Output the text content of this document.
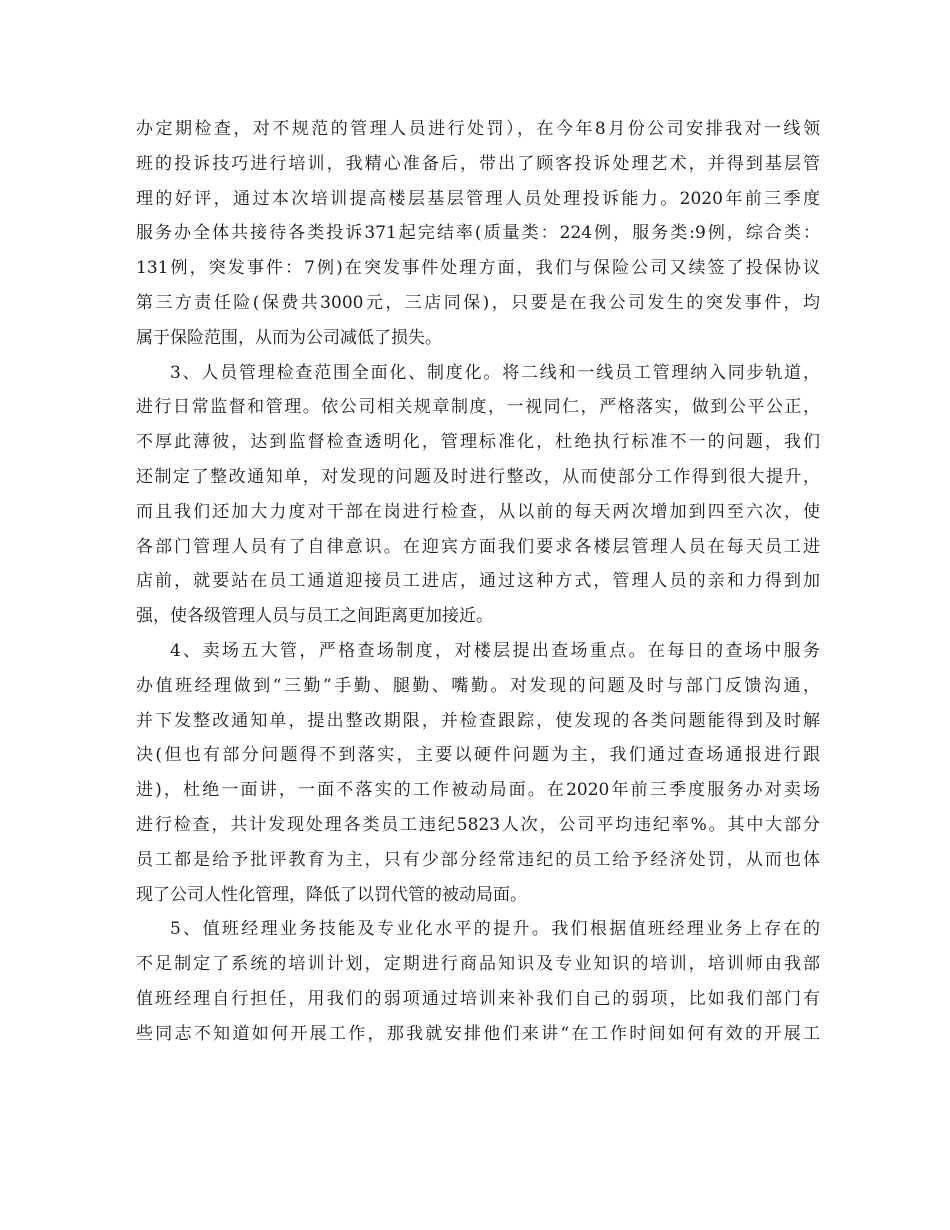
办定期检查，对不规范的管理人员进行处罚），在今年8月份公司安排我对一线领
班的投诉技巧进行培训，我精心准备后，带出了顾客投诉处理艺术，并得到基层管
理的好评，通过本次培训提高楼层基层管理人员处理投诉能力。2020年前三季度
服务办全体共接待各类投诉371起完结率(质量类：224例，服务类:9例，综合类：
131例，突发事件：7例)在突发事件处理方面，我们与保险公司又续签了投保协议
第三方责任险(保费共3000元，三店同保)，只要是在我公司发生的突发事件，均
属于保险范围，从而为公司减低了损失。
3、人员管理检查范围全面化、制度化。将二线和一线员工管理纳入同步轨道，
进行日常监督和管理。依公司相关规章制度，一视同仁，严格落实，做到公平公正，
不厚此薄彼，达到监督检查透明化，管理标准化，杜绝执行标准不一的问题，我们
还制定了整改通知单，对发现的问题及时进行整改，从而使部分工作得到很大提升，
而且我们还加大力度对干部在岗进行检查，从以前的每天两次增加到四至六次，使
各部门管理人员有了自律意识。在迎宾方面我们要求各楼层管理人员在每天员工进
店前，就要站在员工通道迎接员工进店，通过这种方式，管理人员的亲和力得到加
强，使各级管理人员与员工之间距离更加接近。
4、卖场五大管，严格查场制度，对楼层提出查场重点。在每日的查场中服务
办值班经理做到“三勤”手勤、腿勤、嘴勤。对发现的问题及时与部门反馈沟通，
并下发整改通知单，提出整改期限，并检查跟踪，使发现的各类问题能得到及时解
决(但也有部分问题得不到落实，主要以硬件问题为主，我们通过查场通报进行跟
进)，杜绝一面讲，一面不落实的工作被动局面。在2020年前三季度服务办对卖场
进行检查，共计发现处理各类员工违纪5823人次，公司平均违纪率%。其中大部分
员工都是给予批评教育为主，只有少部分经常违纪的员工给予经济处罚，从而也体
现了公司人性化管理，降低了以罚代管的被动局面。
5、值班经理业务技能及专业化水平的提升。我们根据值班经理业务上存在的
不足制定了系统的培训计划，定期进行商品知识及专业知识的培训，培训师由我部
值班经理自行担任，用我们的弱项通过培训来补我们自己的弱项，比如我们部门有
些同志不知道如何开展工作，那我就安排他们来讲“在工作时间如何有效的开展工
